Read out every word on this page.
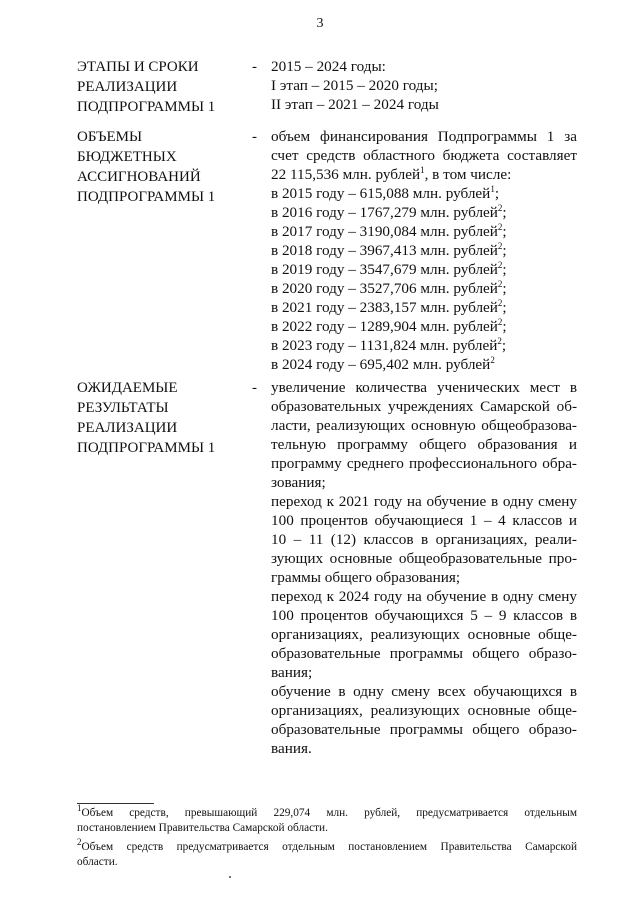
3
ЭТАПЫ И СРОКИ
РЕАЛИЗАЦИИ
ПОДПРОГРАММЫ 1
- 2015 – 2024 годы:
I этап – 2015 – 2020 годы;
II этап – 2021 – 2024 годы
ОБЪЕМЫ
БЮДЖЕТНЫХ
АССИГНОВАНИЙ
ПОДПРОГРАММЫ 1
- объем финансирования Подпрограммы 1 за
счет средств областного бюджета составляет
22 115,536 млн. рублей$^1$, в том числе:
в 2015 году – 615,088 млн. рублей$^1$;
в 2016 году – 1767,279 млн. рублей$^2$;
в 2017 году – 3190,084 млн. рублей$^2$;
в 2018 году – 3967,413 млн. рублей$^2$;
в 2019 году – 3547,679 млн. рублей$^2$;
в 2020 году – 3527,706 млн. рублей$^2$;
в 2021 году – 2383,157 млн. рублей$^2$;
в 2022 году – 1289,904 млн. рублей$^2$;
в 2023 году – 1131,824 млн. рублей$^2$;
в 2024 году – 695,402 млн. рублей$^2$
ОЖИДАЕМЫЕ
РЕЗУЛЬТАТЫ
РЕАЛИЗАЦИИ
ПОДПРОГРАММЫ 1
- увеличение количества ученических мест в
образовательных учреждениях Самарской об-
ласти, реализующих основную общеобразова-
тельную программу общего образования и
программу среднего профессионального обра-
зования;
переход к 2021 году на обучение в одну смену
100 процентов обучающиеся 1 – 4 классов и
10 – 11 (12) классов в организациях, реали-
зующих основные общеобразовательные про-
граммы общего образования;
переход к 2024 году на обучение в одну смену
100 процентов обучающихся 5 – 9 классов в
организациях, реализующих основные обще-
образовательные программы общего образо-
вания;
обучение в одну смену всех обучающихся в
организациях, реализующих основные обще-
образовательные программы общего образо-
вания.
$^1$Объем средств, превышающий 229,074 млн. рублей, предусматривается отдельным
постановлением Правительства Самарской области.
$^2$Объем средств предусматривается отдельным постановлением Правительства Самарской
области.
